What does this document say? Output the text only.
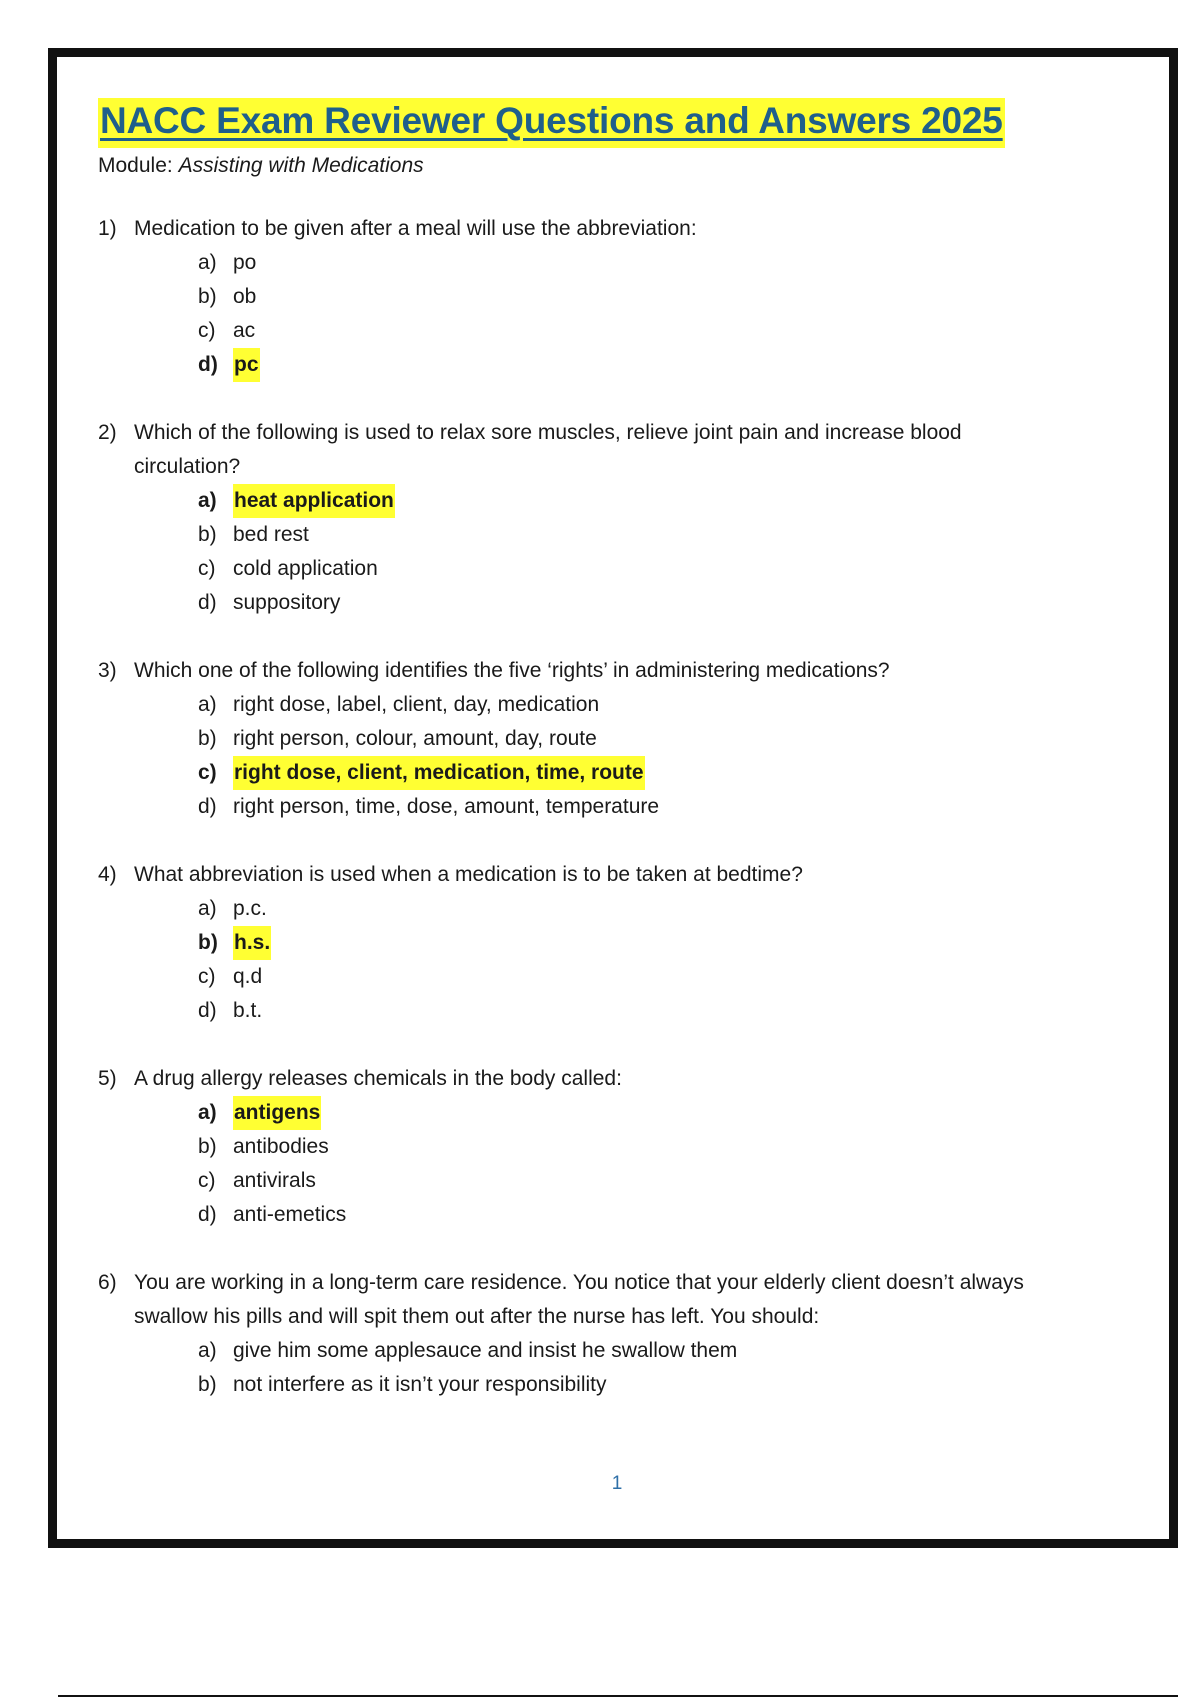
NACC Exam Reviewer Questions and Answers 2025

Module: Assisting with Medications

1) Medication to be given after a meal will use the abbreviation:
a) po
b) ob
c) ac
d) pc
2) Which of the following is used to relax sore muscles, relieve joint pain and increase blood circulation?
a) heat application
b) bed rest
c) cold application
d) suppository
3) Which one of the following identifies the five ‘rights’ in administering medications?
a) right dose, label, client, day, medication
b) right person, colour, amount, day, route
c) right dose, client, medication, time, route
d) right person, time, dose, amount, temperature
4) What abbreviation is used when a medication is to be taken at bedtime?
a) p.c.
b) h.s.
c) q.d
d) b.t.
5) A drug allergy releases chemicals in the body called:
a) antigens
b) antibodies
c) antivirals
d) anti-emetics
6) You are working in a long-term care residence. You notice that your elderly client doesn’t always swallow his pills and will spit them out after the nurse has left. You should:
a) give him some applesauce and insist he swallow them
b) not interfere as it isn’t your responsibility
1
